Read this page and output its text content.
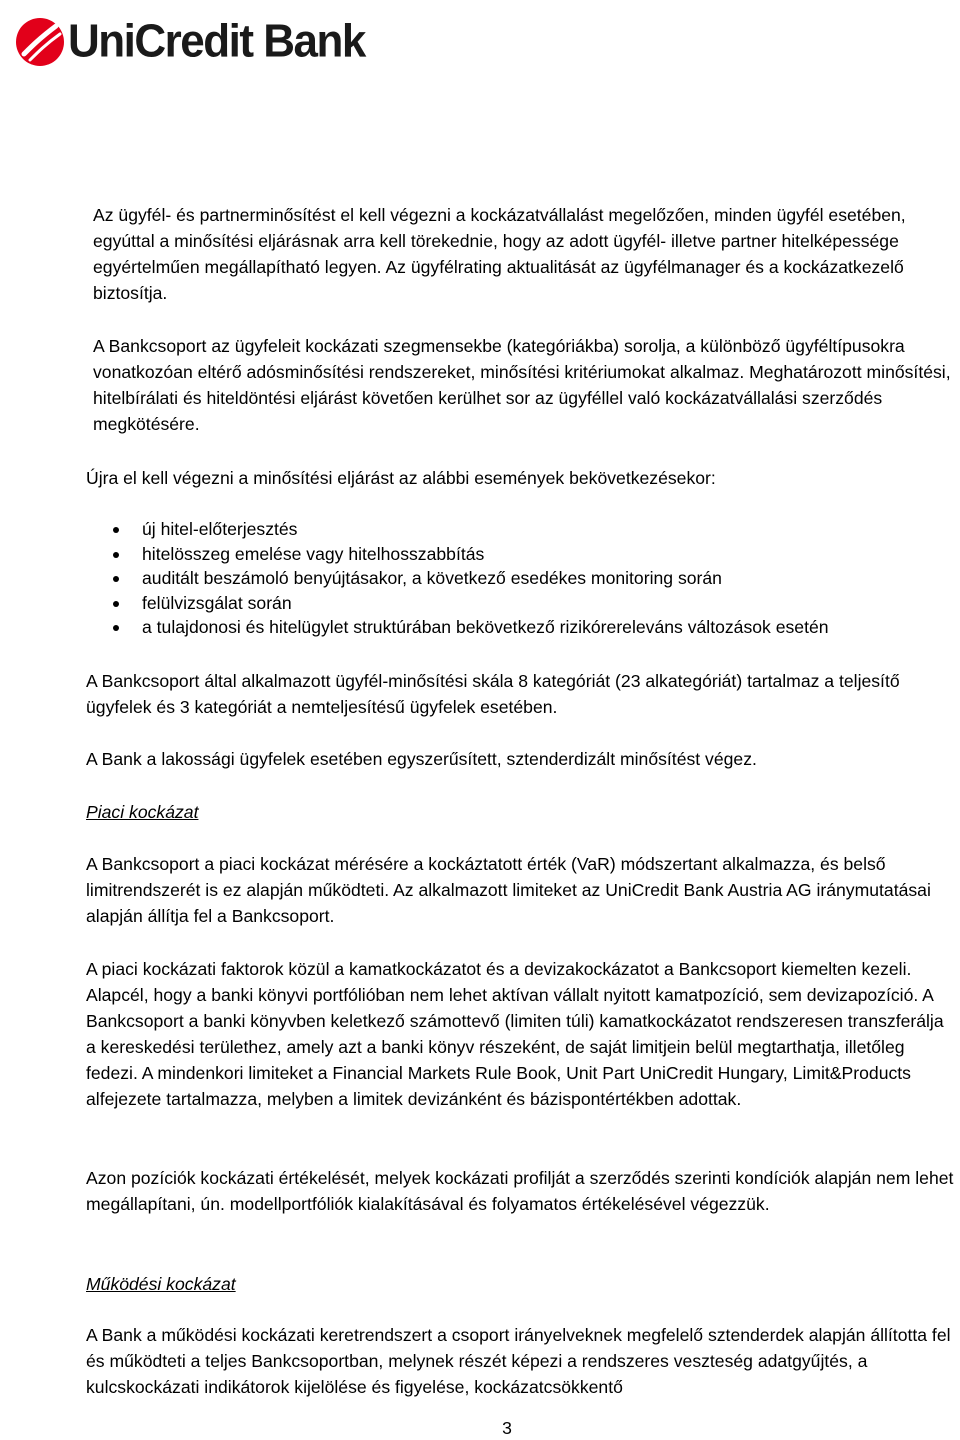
UniCredit Bank

Az ügyfél- és partnerminősítést el kell végezni a kockázatvállalást megelőzően, minden ügyfél esetében, egyúttal a minősítési eljárásnak arra kell törekednie, hogy az adott ügyfél- illetve partner hitelképessége egyértelműen megállapítható legyen. Az ügyfélrating aktualitását az ügyfélmanager és a kockázatkezelő biztosítja.

A Bankcsoport az ügyfeleit kockázati szegmensekbe (kategóriákba) sorolja, a különböző ügyféltípusokra vonatkozóan eltérő adósminősítési rendszereket, minősítési kritériumokat alkalmaz. Meghatározott minősítési, hitelbírálati és hiteldöntési eljárást követően kerülhet sor az ügyféllel való kockázatvállalási szerződés megkötésére.

Újra el kell végezni a minősítési eljárást az alábbi események bekövetkezésekor:

új hitel-előterjesztés
hitelösszeg emelése vagy hitelhosszabbítás
auditált beszámoló benyújtásakor, a következő esedékes monitoring során
felülvizsgálat során
a tulajdonosi és hitelügylet struktúrában bekövetkező rizikórereleváns változások esetén

A Bankcsoport által alkalmazott ügyfél-minősítési skála 8 kategóriát (23 alkategóriát) tartalmaz a teljesítő ügyfelek és 3 kategóriát a nemteljesítésű ügyfelek esetében.

A Bank a lakossági ügyfelek esetében egyszerűsített, sztenderdizált minősítést végez.

Piaci kockázat

A Bankcsoport a piaci kockázat mérésére a kockáztatott érték (VaR) módszertant alkalmazza, és belső limitrendszerét is ez alapján működteti. Az alkalmazott limiteket az UniCredit Bank Austria AG iránymutatásai alapján állítja fel a Bankcsoport.

A piaci kockázati faktorok közül a kamatkockázatot és a devizakockázatot a Bankcsoport kiemelten kezeli. Alapcél, hogy a banki könyvi portfólióban nem lehet aktívan vállalt nyitott kamatpozíció, sem devizapozíció. A Bankcsoport a banki könyvben keletkező számottevő (limiten túli) kamatkockázatot rendszeresen transzferálja a kereskedési területhez, amely azt a banki könyv részeként, de saját limitjein belül megtarthatja, illetőleg fedezi. A mindenkori limiteket a Financial Markets Rule Book, Unit Part UniCredit Hungary, Limit&Products alfejezete tartalmazza, melyben a limitek devizánként és bázispontértékben adottak.

Azon pozíciók kockázati értékelését, melyek kockázati profilját a szerződés szerinti kondíciók alapján nem lehet megállapítani, ún. modellportfóliók kialakításával és folyamatos értékelésével végezzük.

Működési kockázat

A Bank a működési kockázati keretrendszert a csoport irányelveknek megfelelő sztenderdek alapján állította fel és működteti a teljes Bankcsoportban, melynek részét képezi a rendszeres veszteség adatgyűjtés, a kulcskockázati indikátorok kijelölése és figyelése, kockázatcsökkentő

3
